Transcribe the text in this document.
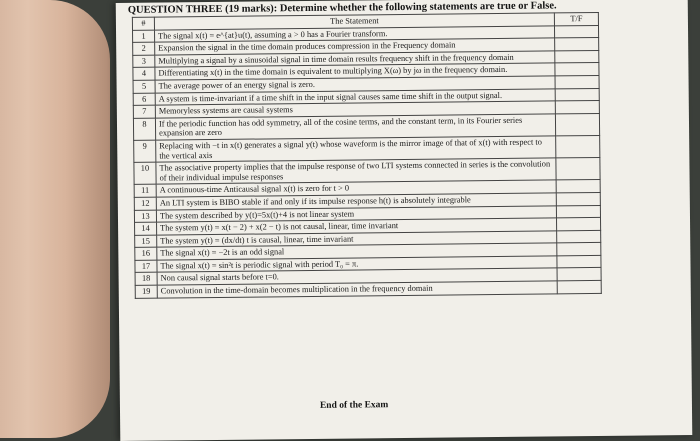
QUESTION THREE (19 marks): Determine whether the following statements are true or False.
#	The Statement	T/F
1	The signal x(t) = e^{at}u(t), assuming a > 0 has a Fourier transform.	
2	Expansion the signal in the time domain produces compression in the Frequency domain	
3	Multiplying a signal by a sinusoidal signal in time domain results frequency shift in the frequency domain	
4	Differentiating x(t) in the time domain is equivalent to multiplying X(ω) by jω in the frequency domain.	
5	The average power of an energy signal is zero.	
6	A system is time-invariant if a time shift in the input signal causes same time shift in the output signal.	
7	Memoryless systems are causal systems	
8	If the periodic function has odd symmetry, all of the cosine terms, and the constant term, in its Fourier series expansion are zero	
9	Replacing with −t in x(t) generates a signal y(t) whose waveform is the mirror image of that of x(t) with respect to the vertical axis	
10	The associative property implies that the impulse response of two LTI systems connected in series is the convolution of their individual impulse responses	
11	A continuous-time Anticausal signal x(t) is zero for t > 0	
12	An LTI system is BIBO stable if and only if its impulse response h(t) is absolutely integrable	
13	The system described by y(t)=5x(t)+4 is not linear system	
14	The system y(t) = x(t − 2) + x(2 − t) is not causal, linear, time invariant	
15	The system y(t) = (dx/dt) t is causal, linear, time invariant	
16	The signal x(t) = −2t is an odd signal	
17	The signal x(t) = sin²t is periodic signal with period T₀ = π.	
18	Non causal signal starts before t=0.	
19	Convolution in the time-domain becomes multiplication in the frequency domain	
End of the Exam
